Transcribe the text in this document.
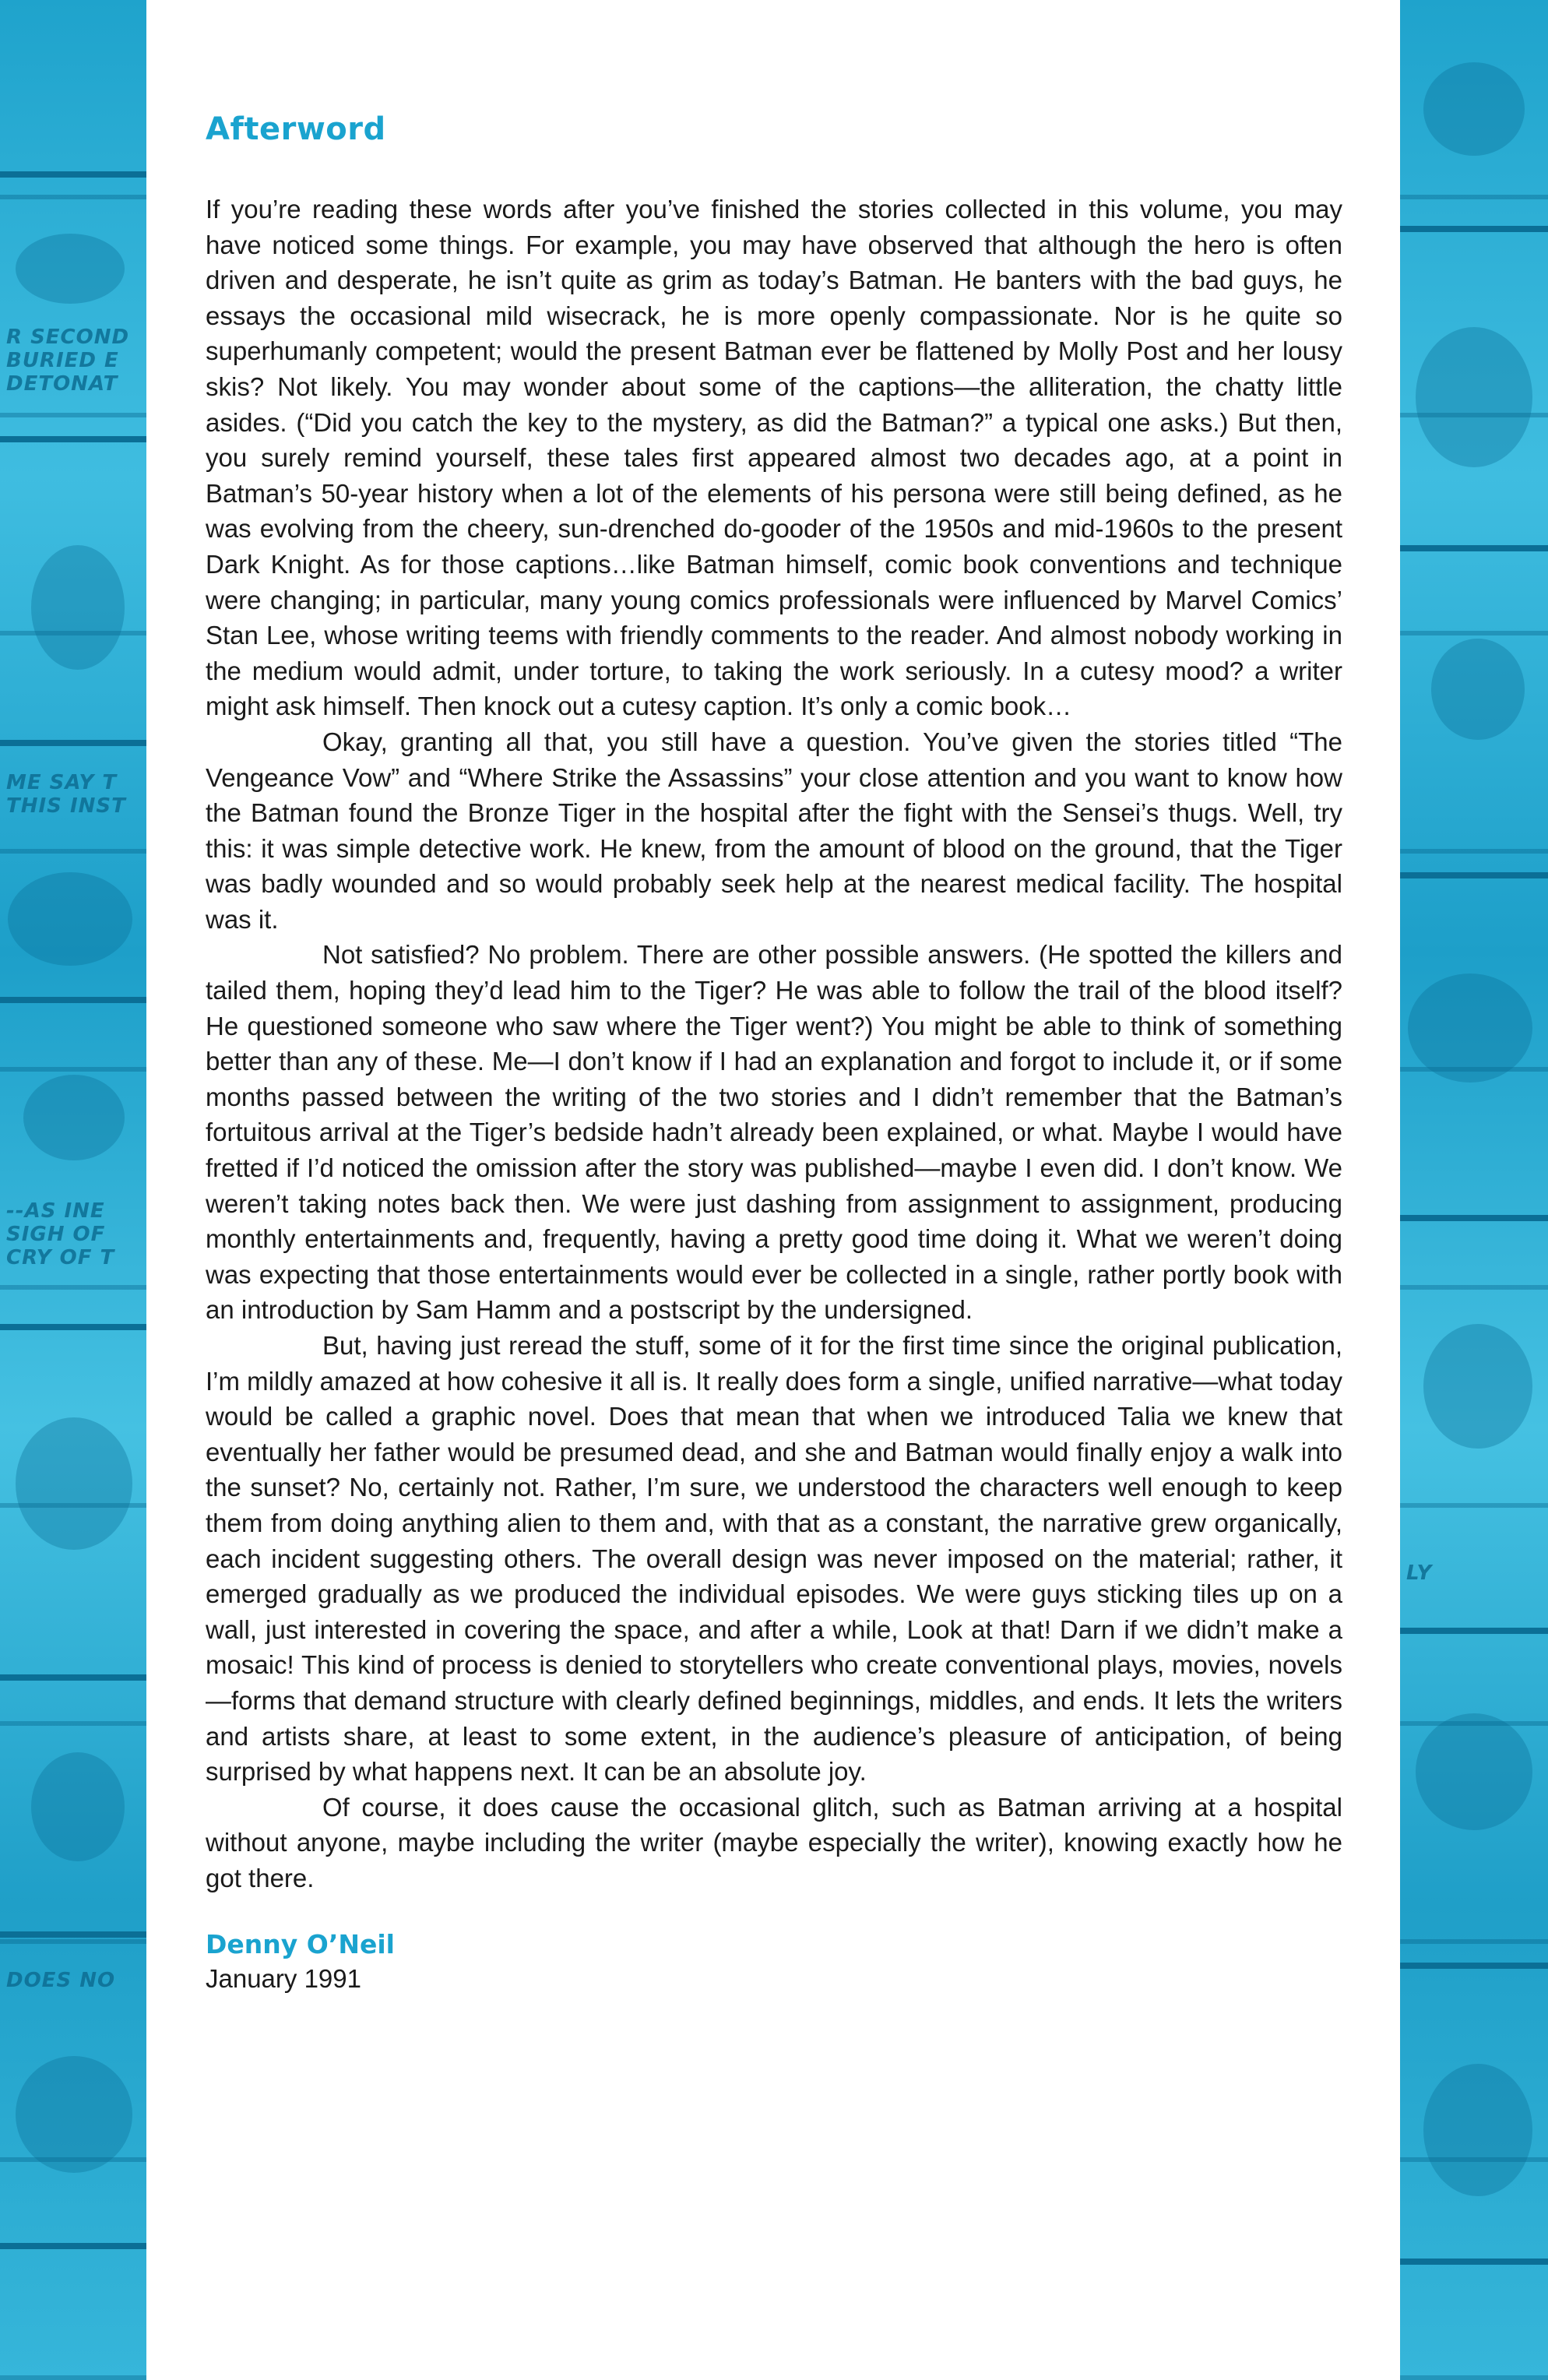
R SECOND
BURIED E
DETONAT
ME SAY T
THIS INST
--AS INE
SIGH OF
CRY OF T
DOES NO
Afterword

If you’re reading these words after you’ve finished the stories collected in this volume, you may have noticed some things. For example, you may have observed that although the hero is often driven and desperate, he isn’t quite as grim as today’s Batman. He banters with the bad guys, he essays the occasional mild wisecrack, he is more openly compassionate. Nor is he quite so superhumanly competent; would the present Batman ever be flattened by Molly Post and her lousy skis? Not likely. You may wonder about some of the captions—the alliteration, the chatty little asides. (“Did you catch the key to the mystery, as did the Batman?” a typical one asks.) But then, you surely remind yourself, these tales first appeared almost two decades ago, at a point in Batman’s 50-year history when a lot of the elements of his persona were still being defined, as he was evolving from the cheery, sun-drenched do-gooder of the 1950s and mid-1960s to the present Dark Knight. As for those captions…like Batman himself, comic book conventions and technique were changing; in particular, many young comics professionals were influenced by Marvel Comics’ Stan Lee, whose writing teems with friendly comments to the reader. And almost nobody working in the medium would admit, under torture, to taking the work seriously. In a cutesy mood? a writer might ask himself. Then knock out a cutesy caption. It’s only a comic book…

Okay, granting all that, you still have a question. You’ve given the stories titled “The Vengeance Vow” and “Where Strike the Assassins” your close attention and you want to know how the Batman found the Bronze Tiger in the hospital after the fight with the Sensei’s thugs. Well, try this: it was simple detective work. He knew, from the amount of blood on the ground, that the Tiger was badly wounded and so would probably seek help at the nearest medical facility. The hospital was it.

Not satisfied? No problem. There are other possible answers. (He spotted the killers and tailed them, hoping they’d lead him to the Tiger? He was able to follow the trail of the blood itself? He questioned someone who saw where the Tiger went?) You might be able to think of something better than any of these. Me—I don’t know if I had an explanation and forgot to include it, or if some months passed between the writing of the two stories and I didn’t remember that the Batman’s fortuitous arrival at the Tiger’s bedside hadn’t already been explained, or what. Maybe I would have fretted if I’d noticed the omission after the story was published—maybe I even did. I don’t know. We weren’t taking notes back then. We were just dashing from assignment to assignment, producing monthly entertainments and, frequently, having a pretty good time doing it. What we weren’t doing was expecting that those entertainments would ever be collected in a single, rather portly book with an introduction by Sam Hamm and a postscript by the undersigned.

But, having just reread the stuff, some of it for the first time since the original publication, I’m mildly amazed at how cohesive it all is. It really does form a single, unified narrative—what today would be called a graphic novel. Does that mean that when we introduced Talia we knew that eventually her father would be presumed dead, and she and Batman would finally enjoy a walk into the sunset? No, certainly not. Rather, I’m sure, we understood the characters well enough to keep them from doing anything alien to them and, with that as a constant, the narrative grew organically, each incident suggesting others. The overall design was never imposed on the material; rather, it emerged gradually as we produced the individual episodes. We were guys sticking tiles up on a wall, just interested in covering the space, and after a while, Look at that! Darn if we didn’t make a mosaic! This kind of process is denied to storytellers who create conventional plays, movies, novels—forms that demand structure with clearly defined beginnings, middles, and ends. It lets the writers and artists share, at least to some extent, in the audience’s pleasure of anticipation, of being surprised by what happens next. It can be an absolute joy.

Of course, it does cause the occasional glitch, such as Batman arriving at a hospital without anyone, maybe including the writer (maybe especially the writer), knowing exactly how he got there.

Denny O’Neil
January 1991
LY
